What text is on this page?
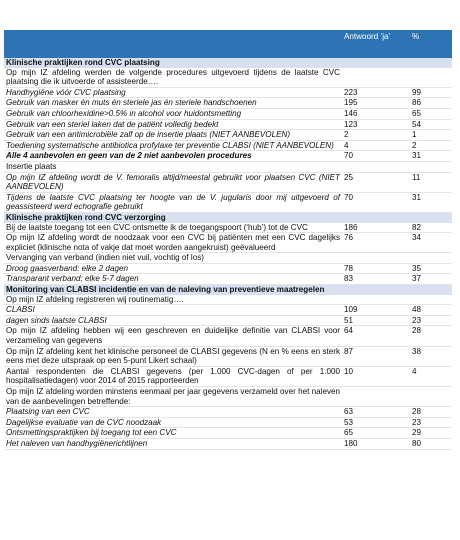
	Antwoord ‘ja’	%
Klinische praktijken rond CVC plaatsing		
Op mijn IZ afdeling werden de volgende procedures uitgevoerd tijdens de laatste CVC plaatsing die ik uitvoerde of assisteerde….		
Handhygiëne vóór CVC plaatsing	223	99
Gebruik van masker én muts én steriele jas én steriele handschoenen	195	86
Gebruik van chloorhexidine>0.5% in alcohol voor huidontsmetting	146	65
Gebruik van een steriel laken dat de patiënt volledig bedekt	123	54
Gebruik van een antimicrobiële zalf op de insertie plaats (NIET AANBEVOLEN)	2	1
Toediening systematische antibiotica profylaxe ter preventie CLABSI (NIET AANBEVOLEN)	4	2
Alle 4 aanbevolen en geen van de 2 niet aanbevolen procedures	70	31
Insertie plaats		
Op mijn IZ afdeling wordt de V. femoralis altijd/meestal gebruikt voor plaatsen CVC (NIET AANBEVOLEN)	25	11
Tijdens de laatste CVC plaatsing ter hoogte van de V. jugularis door mij uitgevoerd of geassisteerd werd echografie gebruikt	70	31
Klinische praktijken rond CVC verzorging		
Bij de laatste toegang tot een CVC ontsmette ik de toegangspoort (‘hub’) tot de CVC	186	82
Op mijn IZ afdeling wordt de noodzaak voor een CVC bij patiënten met een CVC dagelijks expliciet (klinische nota of vakje dat moet worden aangekruist) geëvalueerd	76	34
Vervanging van verband (indien niet vuil, vochtig of los)		
Droog gaasverband: elke 2 dagen	78	35
Transparant verband: elke 5-7 dagen	83	37
Monitoring van CLABSI incidentie en van de naleving van preventieve maatregelen		
Op mijn IZ afdeling registreren wij routinematig….		
CLABSI	109	48
dagen sinds laatste CLABSI	51	23
Op mijn IZ afdeling hebben wij een geschreven en duidelijke definitie van CLABSI voor verzameling van gegevens	64	28
Op mijn IZ afdeling kent het klinische personeel de CLABSI gegevens (N en % eens en sterk eens met deze uitspraak op een 5-punt Likert schaal)	87	38
Aantal respondenten die CLABSI gegevens (per 1.000 CVC-dagen of per 1.000 hospitalisatiedagen) voor 2014 of 2015 rapporteerden	10	4
Op mijn IZ afdeling worden minstens eenmaal per jaar gegevens verzameld over het naleven van de aanbevelingen betreffende:		
Plaatsing van een CVC	63	28
Dagelijkse evaluatie van de CVC noodzaak	53	23
Ontsmettingspraktijken bij toegang tot een CVC	65	29
Het naleven van handhygiënerichtlijnen	180	80
